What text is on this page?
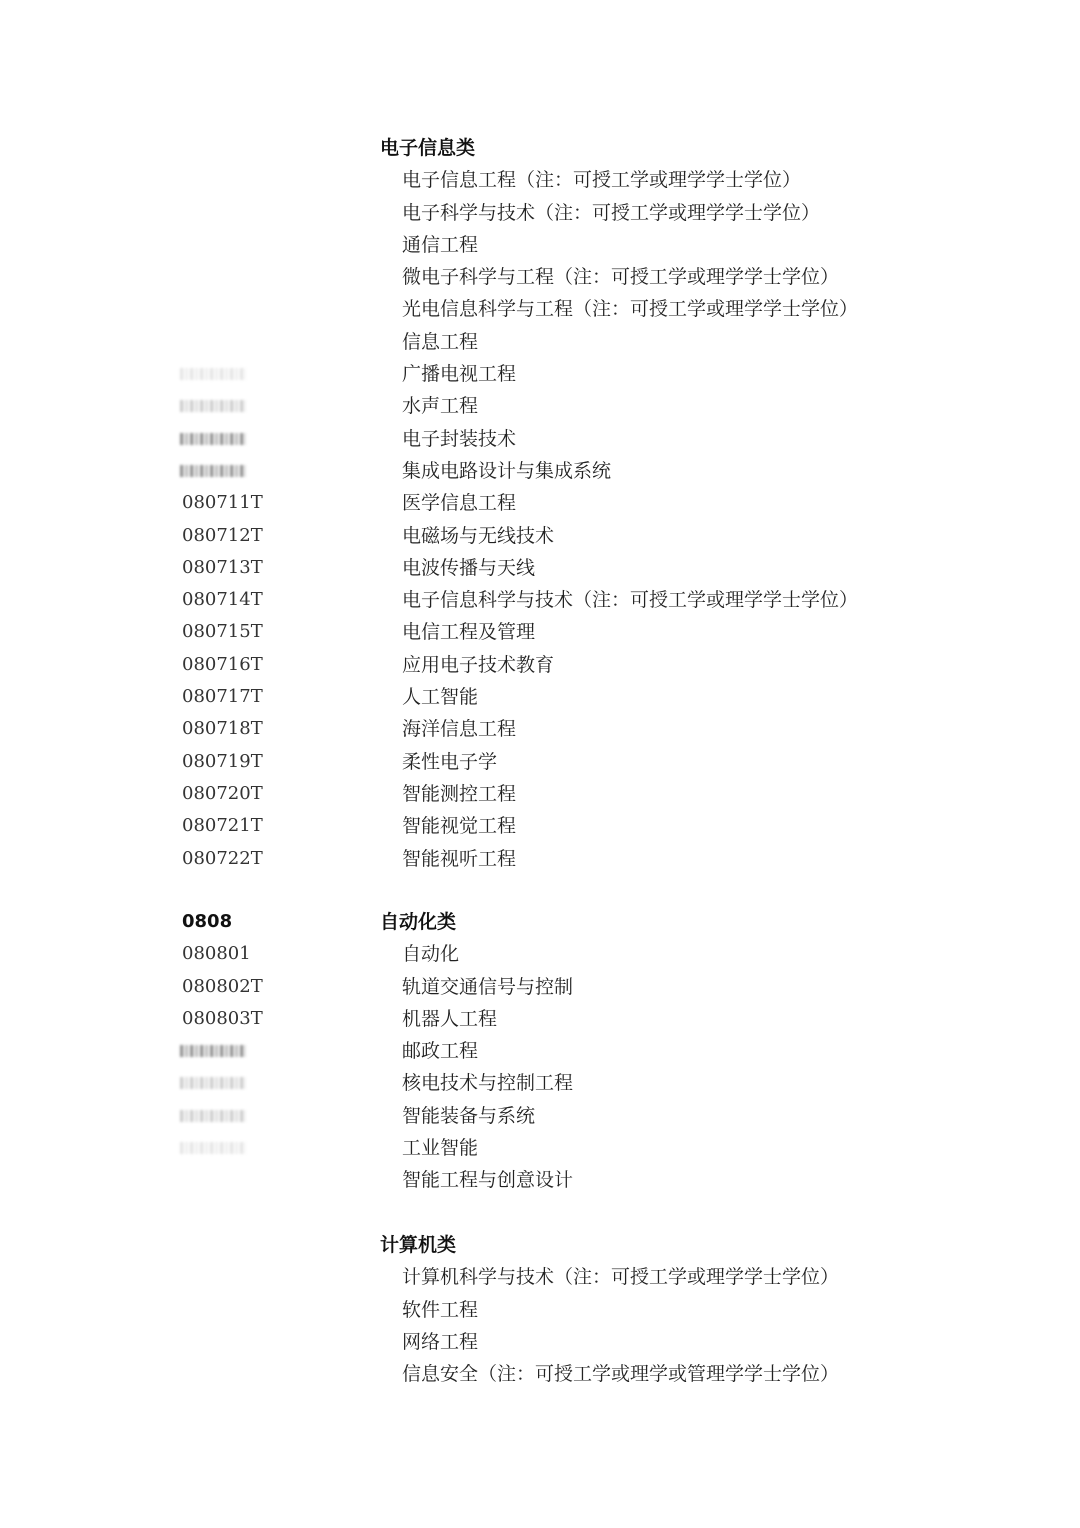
电子信息类
电子信息工程（注：可授工学或理学学士学位）
电子科学与技术（注：可授工学或理学学士学位）
通信工程
微电子科学与工程（注：可授工学或理学学士学位）
光电信息科学与工程（注：可授工学或理学学士学位）
信息工程
广播电视工程
水声工程
电子封装技术
集成电路设计与集成系统
080711T	医学信息工程
080712T	电磁场与无线技术
080713T	电波传播与天线
080714T	电子信息科学与技术（注：可授工学或理学学士学位）
080715T	电信工程及管理
080716T	应用电子技术教育
080717T	人工智能
080718T	海洋信息工程
080719T	柔性电子学
080720T	智能测控工程
080721T	智能视觉工程
080722T	智能视听工程
0808	自动化类
080801	自动化
080802T	轨道交通信号与控制
080803T	机器人工程
邮政工程
核电技术与控制工程
智能装备与系统
工业智能
智能工程与创意设计
计算机类
计算机科学与技术（注：可授工学或理学学士学位）
软件工程
网络工程
信息安全（注：可授工学或理学或管理学学士学位）
